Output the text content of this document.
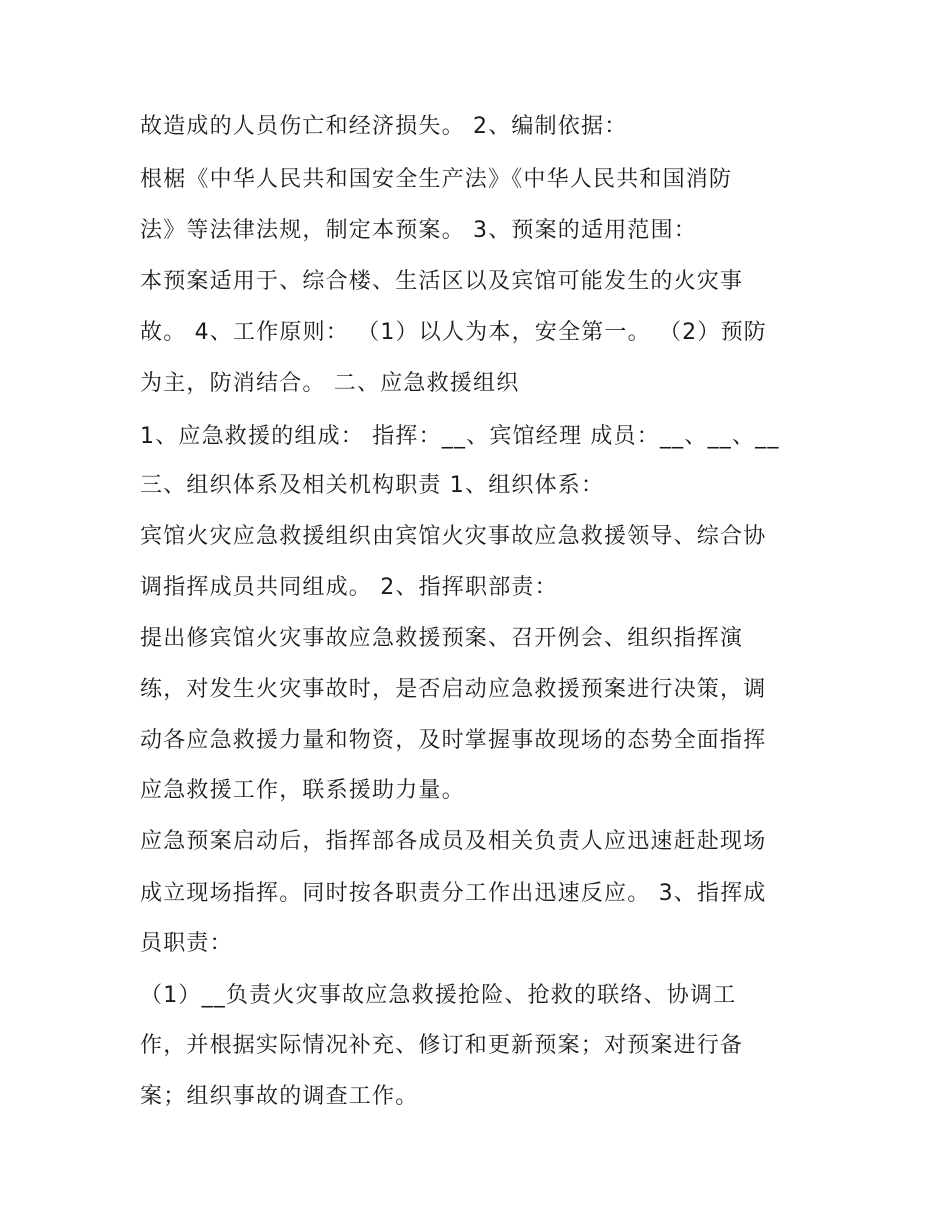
故造成的人员伤亡和经济损失。 2、编制依据：
根椐《中华人民共和国安全生产法》《中华人民共和国消防
法》等法律法规，制定本预案。 3、预案的适用范围：
本预案适用于、综合楼、生活区以及宾馆可能发生的火灾事
故。 4、工作原则： （1）以人为本，安全第一。 （2）预防
为主，防消结合。 二、应急救援组织
1、应急救援的组成： 指挥：__、宾馆经理 成员：__、__、__
三、组织体系及相关机构职责 1、组织体系：
宾馆火灾应急救援组织由宾馆火灾事故应急救援领导、综合协
调指挥成员共同组成。 2、指挥职部责：
提出修宾馆火灾事故应急救援预案、召开例会、组织指挥演
练，对发生火灾事故时，是否启动应急救援预案进行决策，调
动各应急救援力量和物资，及时掌握事故现场的态势全面指挥
应急救援工作，联系援助力量。
应急预案启动后，指挥部各成员及相关负责人应迅速赶赴现场
成立现场指挥。同时按各职责分工作出迅速反应。 3、指挥成
员职责：
（1）__负责火灾事故应急救援抢险、抢救的联络、协调工
作，并根据实际情况补充、修订和更新预案；对预案进行备
案；组织事故的调查工作。
